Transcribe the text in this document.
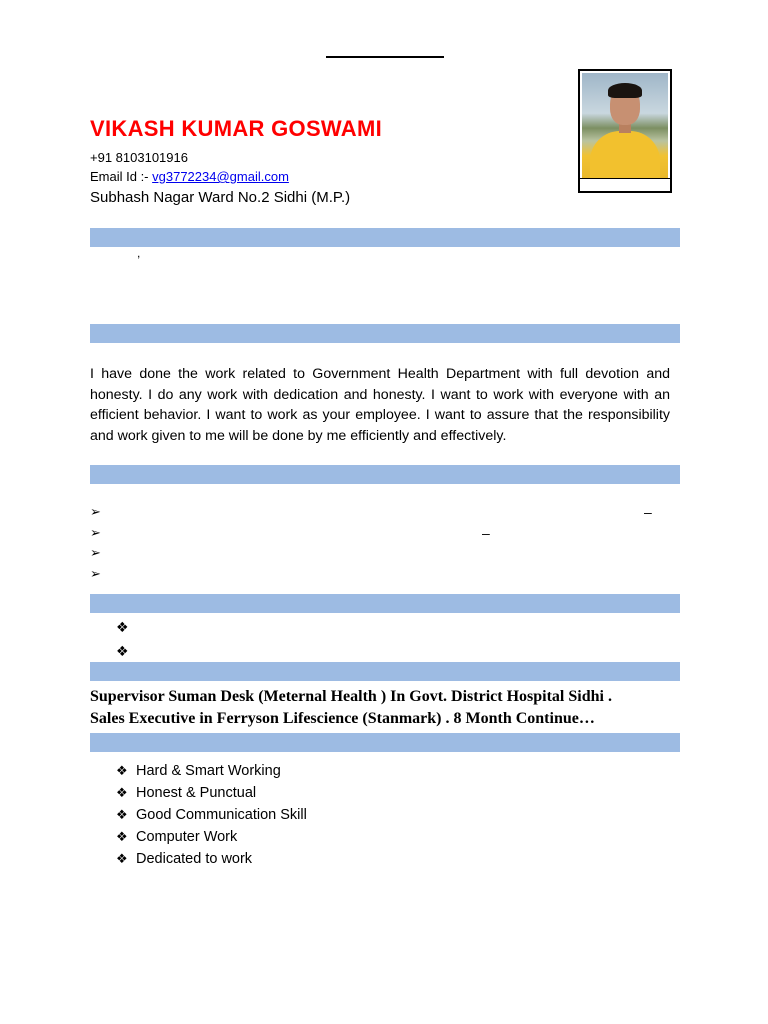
VIKASH KUMAR GOSWAMI
+91 8103101916
Email Id :- vg3772234@gmail.com
Subhash Nagar Ward No.2 Sidhi (M.P.)
,

I have done the work related to Government Health Department with full devotion and honesty. I do any work with dedication and honesty. I want to work with everyone with an efficient behavior. I want to work as your employee. I want to assure that the responsibility and work given to me will be done by me efficiently and effectively.

➢	–
➢	–
➢
➢
❖
❖
Supervisor Suman Desk (Meternal Health ) In Govt. District Hospital Sidhi .
Sales Executive in Ferryson Lifescience (Stanmark) . 8 Month Continue…
❖ Hard & Smart Working
❖ Honest & Punctual
❖ Good Communication Skill
❖ Computer Work
❖ Dedicated to work
